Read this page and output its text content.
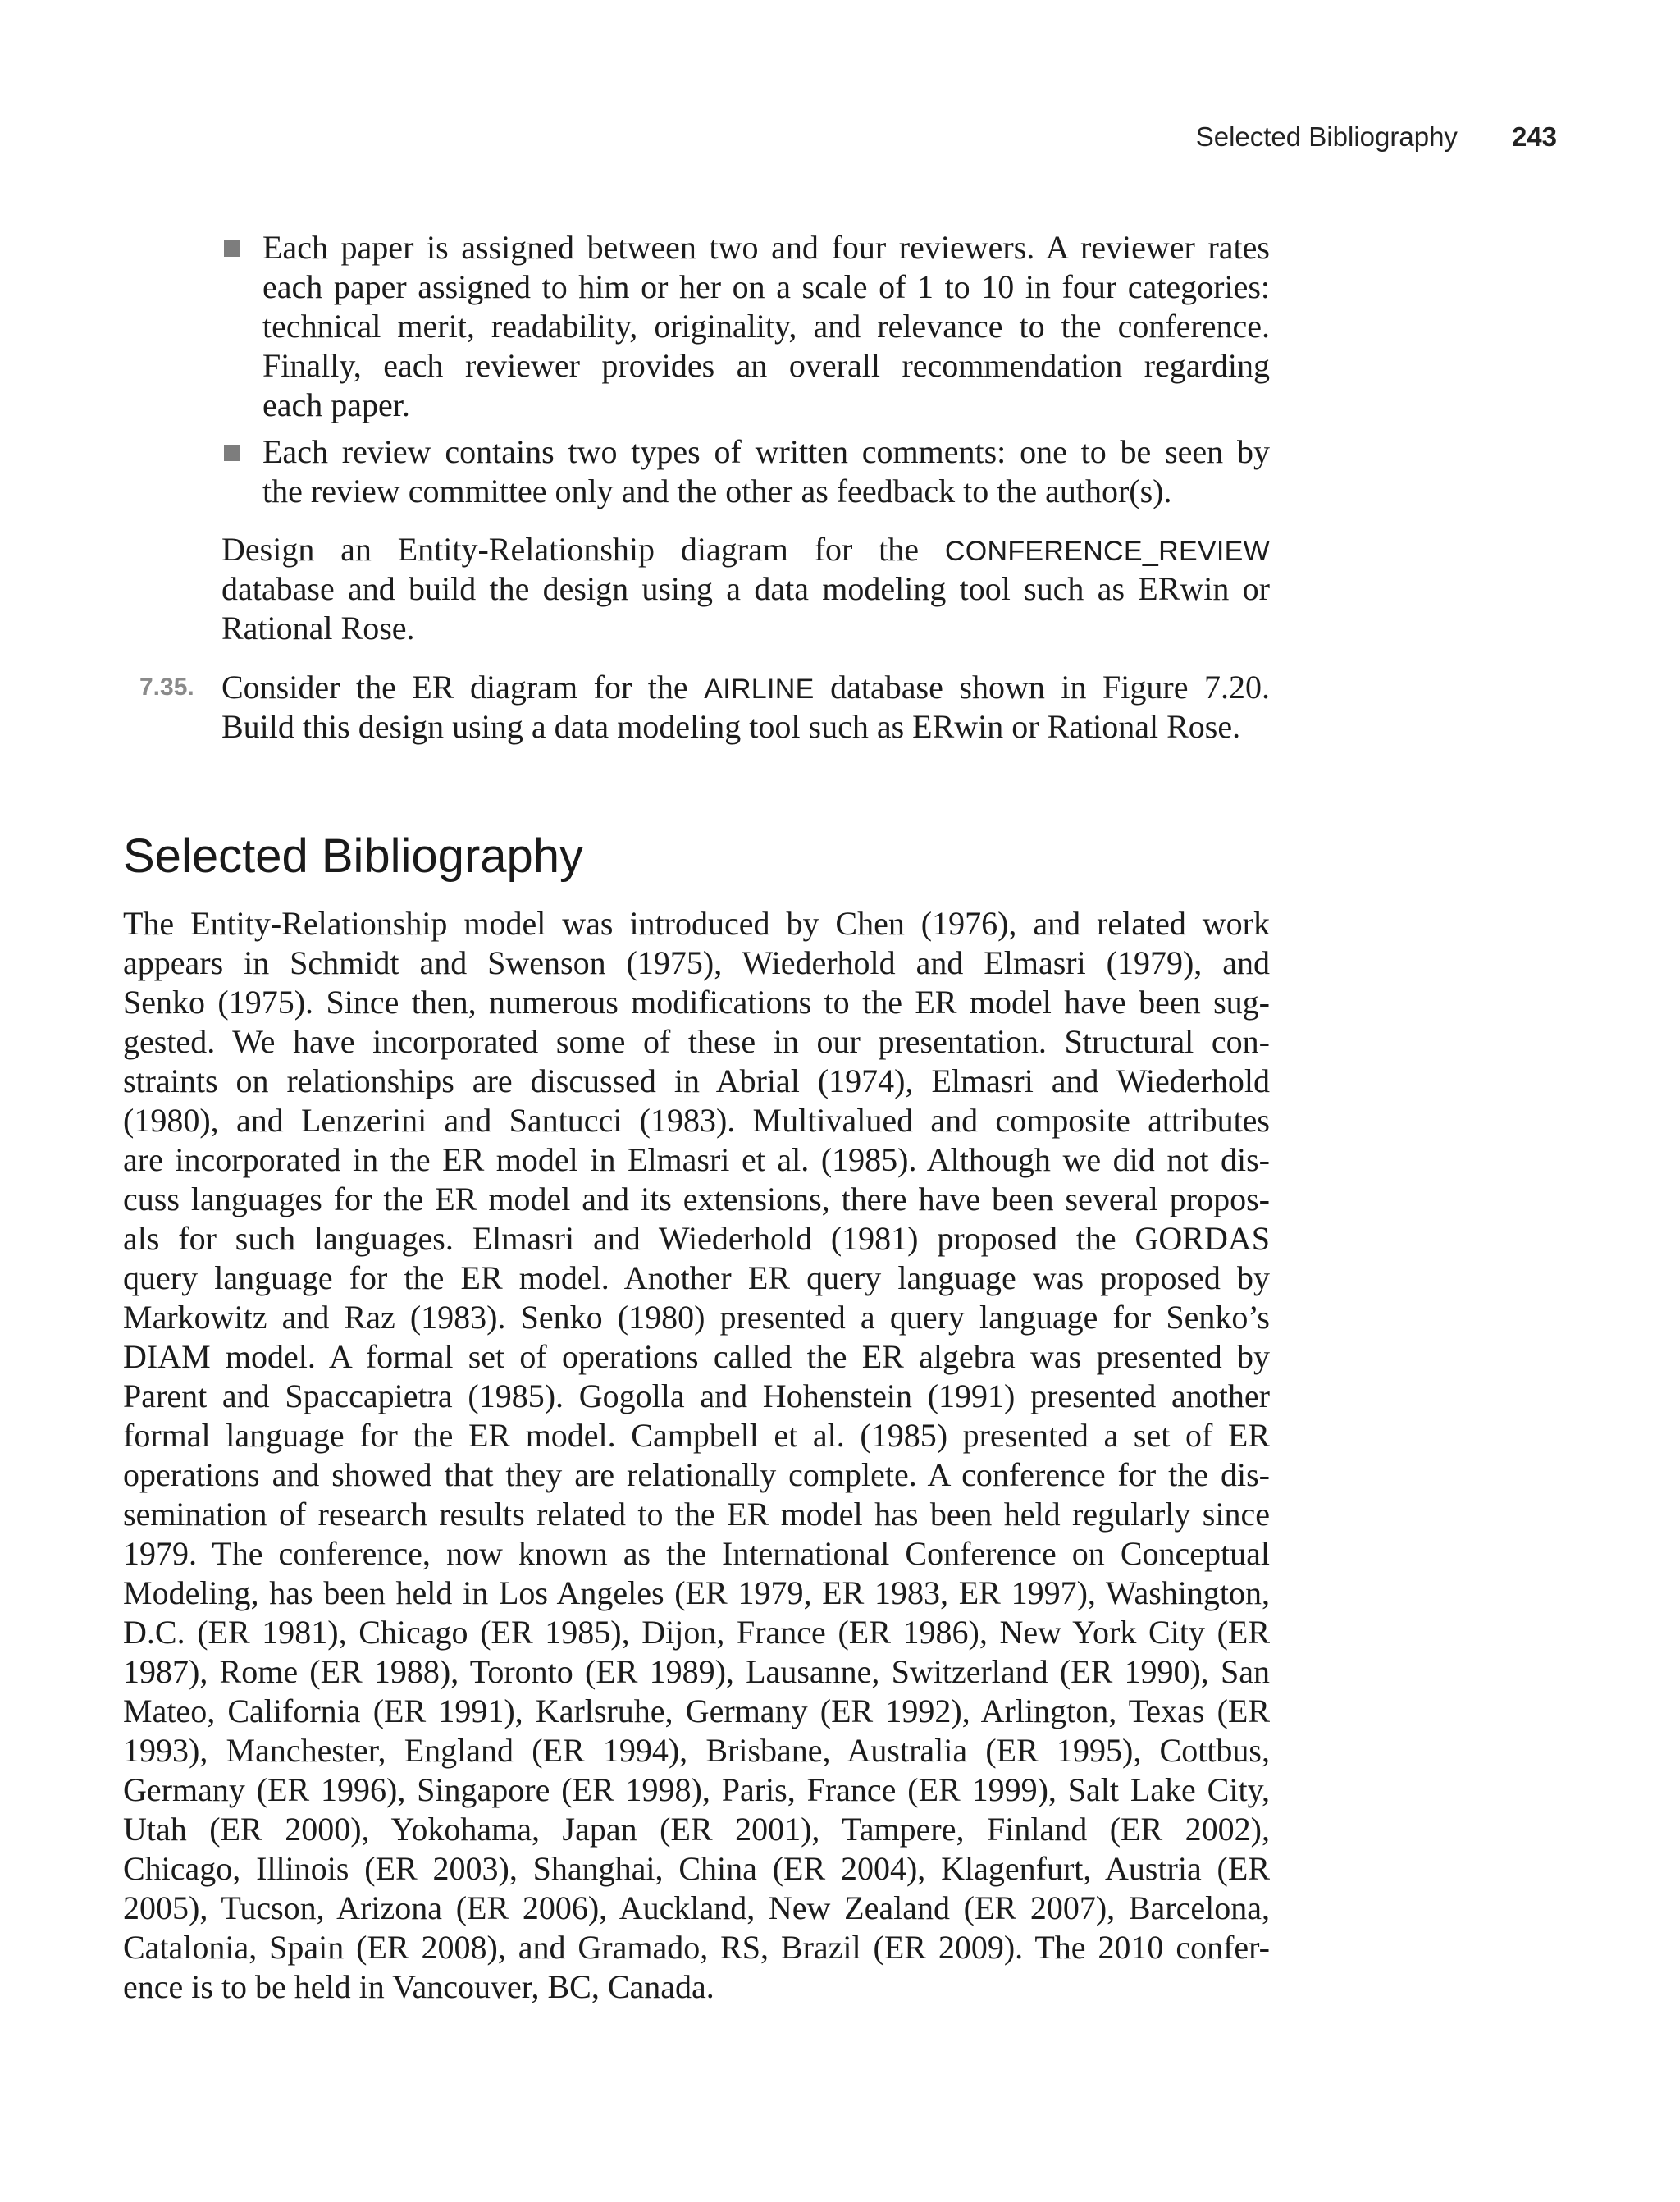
Selected Bibliography 243
Each paper is assigned between two and four reviewers. A reviewer rates
each paper assigned to him or her on a scale of 1 to 10 in four categories:
technical merit, readability, originality, and relevance to the conference.
Finally, each reviewer provides an overall recommendation regarding
each paper.
Each review contains two types of written comments: one to be seen by
the review committee only and the other as feedback to the author(s).
Design an Entity-Relationship diagram for the CONFERENCE_REVIEW
database and build the design using a data modeling tool such as ERwin or
Rational Rose.
7.35. Consider the ER diagram for the AIRLINE database shown in Figure 7.20.
Build this design using a data modeling tool such as ERwin or Rational Rose.
Selected Bibliography
The Entity-Relationship model was introduced by Chen (1976), and related work
appears in Schmidt and Swenson (1975), Wiederhold and Elmasri (1979), and
Senko (1975). Since then, numerous modifications to the ER model have been sug-
gested. We have incorporated some of these in our presentation. Structural con-
straints on relationships are discussed in Abrial (1974), Elmasri and Wiederhold
(1980), and Lenzerini and Santucci (1983). Multivalued and composite attributes
are incorporated in the ER model in Elmasri et al. (1985). Although we did not dis-
cuss languages for the ER model and its extensions, there have been several propos-
als for such languages. Elmasri and Wiederhold (1981) proposed the GORDAS
query language for the ER model. Another ER query language was proposed by
Markowitz and Raz (1983). Senko (1980) presented a query language for Senko’s
DIAM model. A formal set of operations called the ER algebra was presented by
Parent and Spaccapietra (1985). Gogolla and Hohenstein (1991) presented another
formal language for the ER model. Campbell et al. (1985) presented a set of ER
operations and showed that they are relationally complete. A conference for the dis-
semination of research results related to the ER model has been held regularly since
1979. The conference, now known as the International Conference on Conceptual
Modeling, has been held in Los Angeles (ER 1979, ER 1983, ER 1997), Washington,
D.C. (ER 1981), Chicago (ER 1985), Dijon, France (ER 1986), New York City (ER
1987), Rome (ER 1988), Toronto (ER 1989), Lausanne, Switzerland (ER 1990), San
Mateo, California (ER 1991), Karlsruhe, Germany (ER 1992), Arlington, Texas (ER
1993), Manchester, England (ER 1994), Brisbane, Australia (ER 1995), Cottbus,
Germany (ER 1996), Singapore (ER 1998), Paris, France (ER 1999), Salt Lake City,
Utah (ER 2000), Yokohama, Japan (ER 2001), Tampere, Finland (ER 2002),
Chicago, Illinois (ER 2003), Shanghai, China (ER 2004), Klagenfurt, Austria (ER
2005), Tucson, Arizona (ER 2006), Auckland, New Zealand (ER 2007), Barcelona,
Catalonia, Spain (ER 2008), and Gramado, RS, Brazil (ER 2009). The 2010 confer-
ence is to be held in Vancouver, BC, Canada.
